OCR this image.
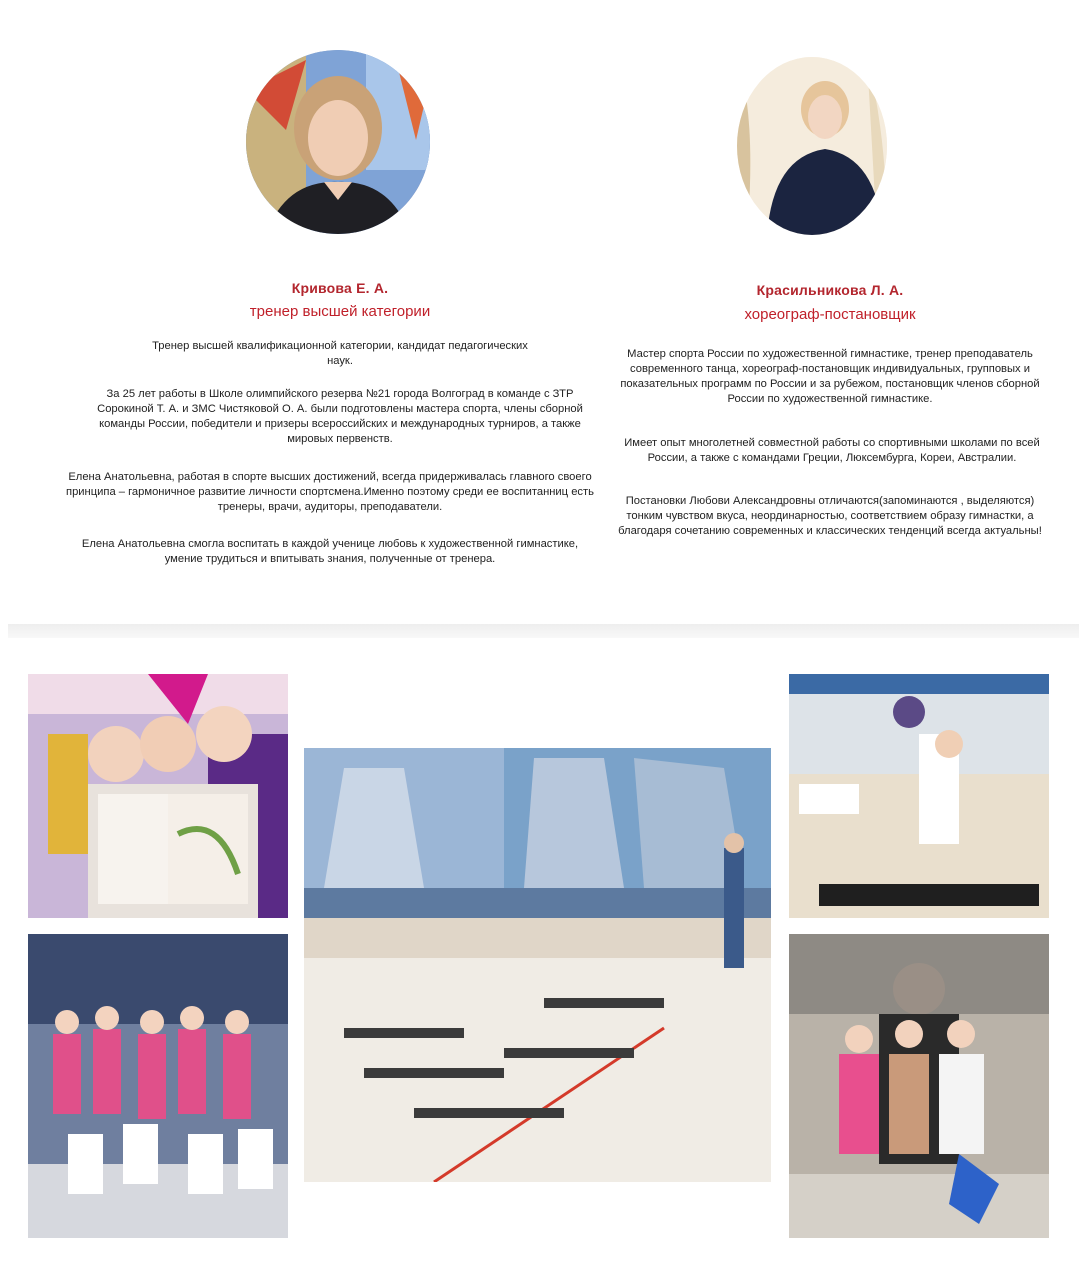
Кривова Е. А.
тренер высшей категории

Тренер высшей квалификационной категории, кандидат педагогических наук.

За 25 лет работы в Школе олимпийского резерва №21 города Волгоград в команде с ЗТР Сорокиной Т. А. и ЗМС Чистяковой О. А. были подготовлены мастера спорта, члены сборной команды России, победители и призеры всероссийских и международных турниров, а также мировых первенств.

Елена Анатольевна, работая в спорте высших достижений, всегда придерживалась главного своего принципа – гармоничное развитие личности спортсмена.Именно поэтому среди ее воспитанниц есть тренеры, врачи, аудиторы, преподаватели.

Елена Анатольевна смогла воспитать в каждой ученице любовь к художественной гимнастике, умение трудиться и впитывать знания, полученные от тренера.

Красильникова Л. А.
хореограф-постановщик

Мастер спорта России по художественной гимнастике, тренер преподаватель современного танца, хореограф-постановщик индивидуальных, групповых и показательных программ по России и за рубежом, постановщик членов сборной России по художественной гимнастике.

Имеет опыт многолетней совместной работы со спортивными школами по всей России, а также с командами Греции, Люксембурга, Кореи, Австралии.

Постановки Любови Александровны отличаются(запоминаются , выделяются) тонким чувством вкуса, неординарностью, соответствием образу гимнастки, а благодаря сочетанию современных и классических тенденций всегда актуальны!
